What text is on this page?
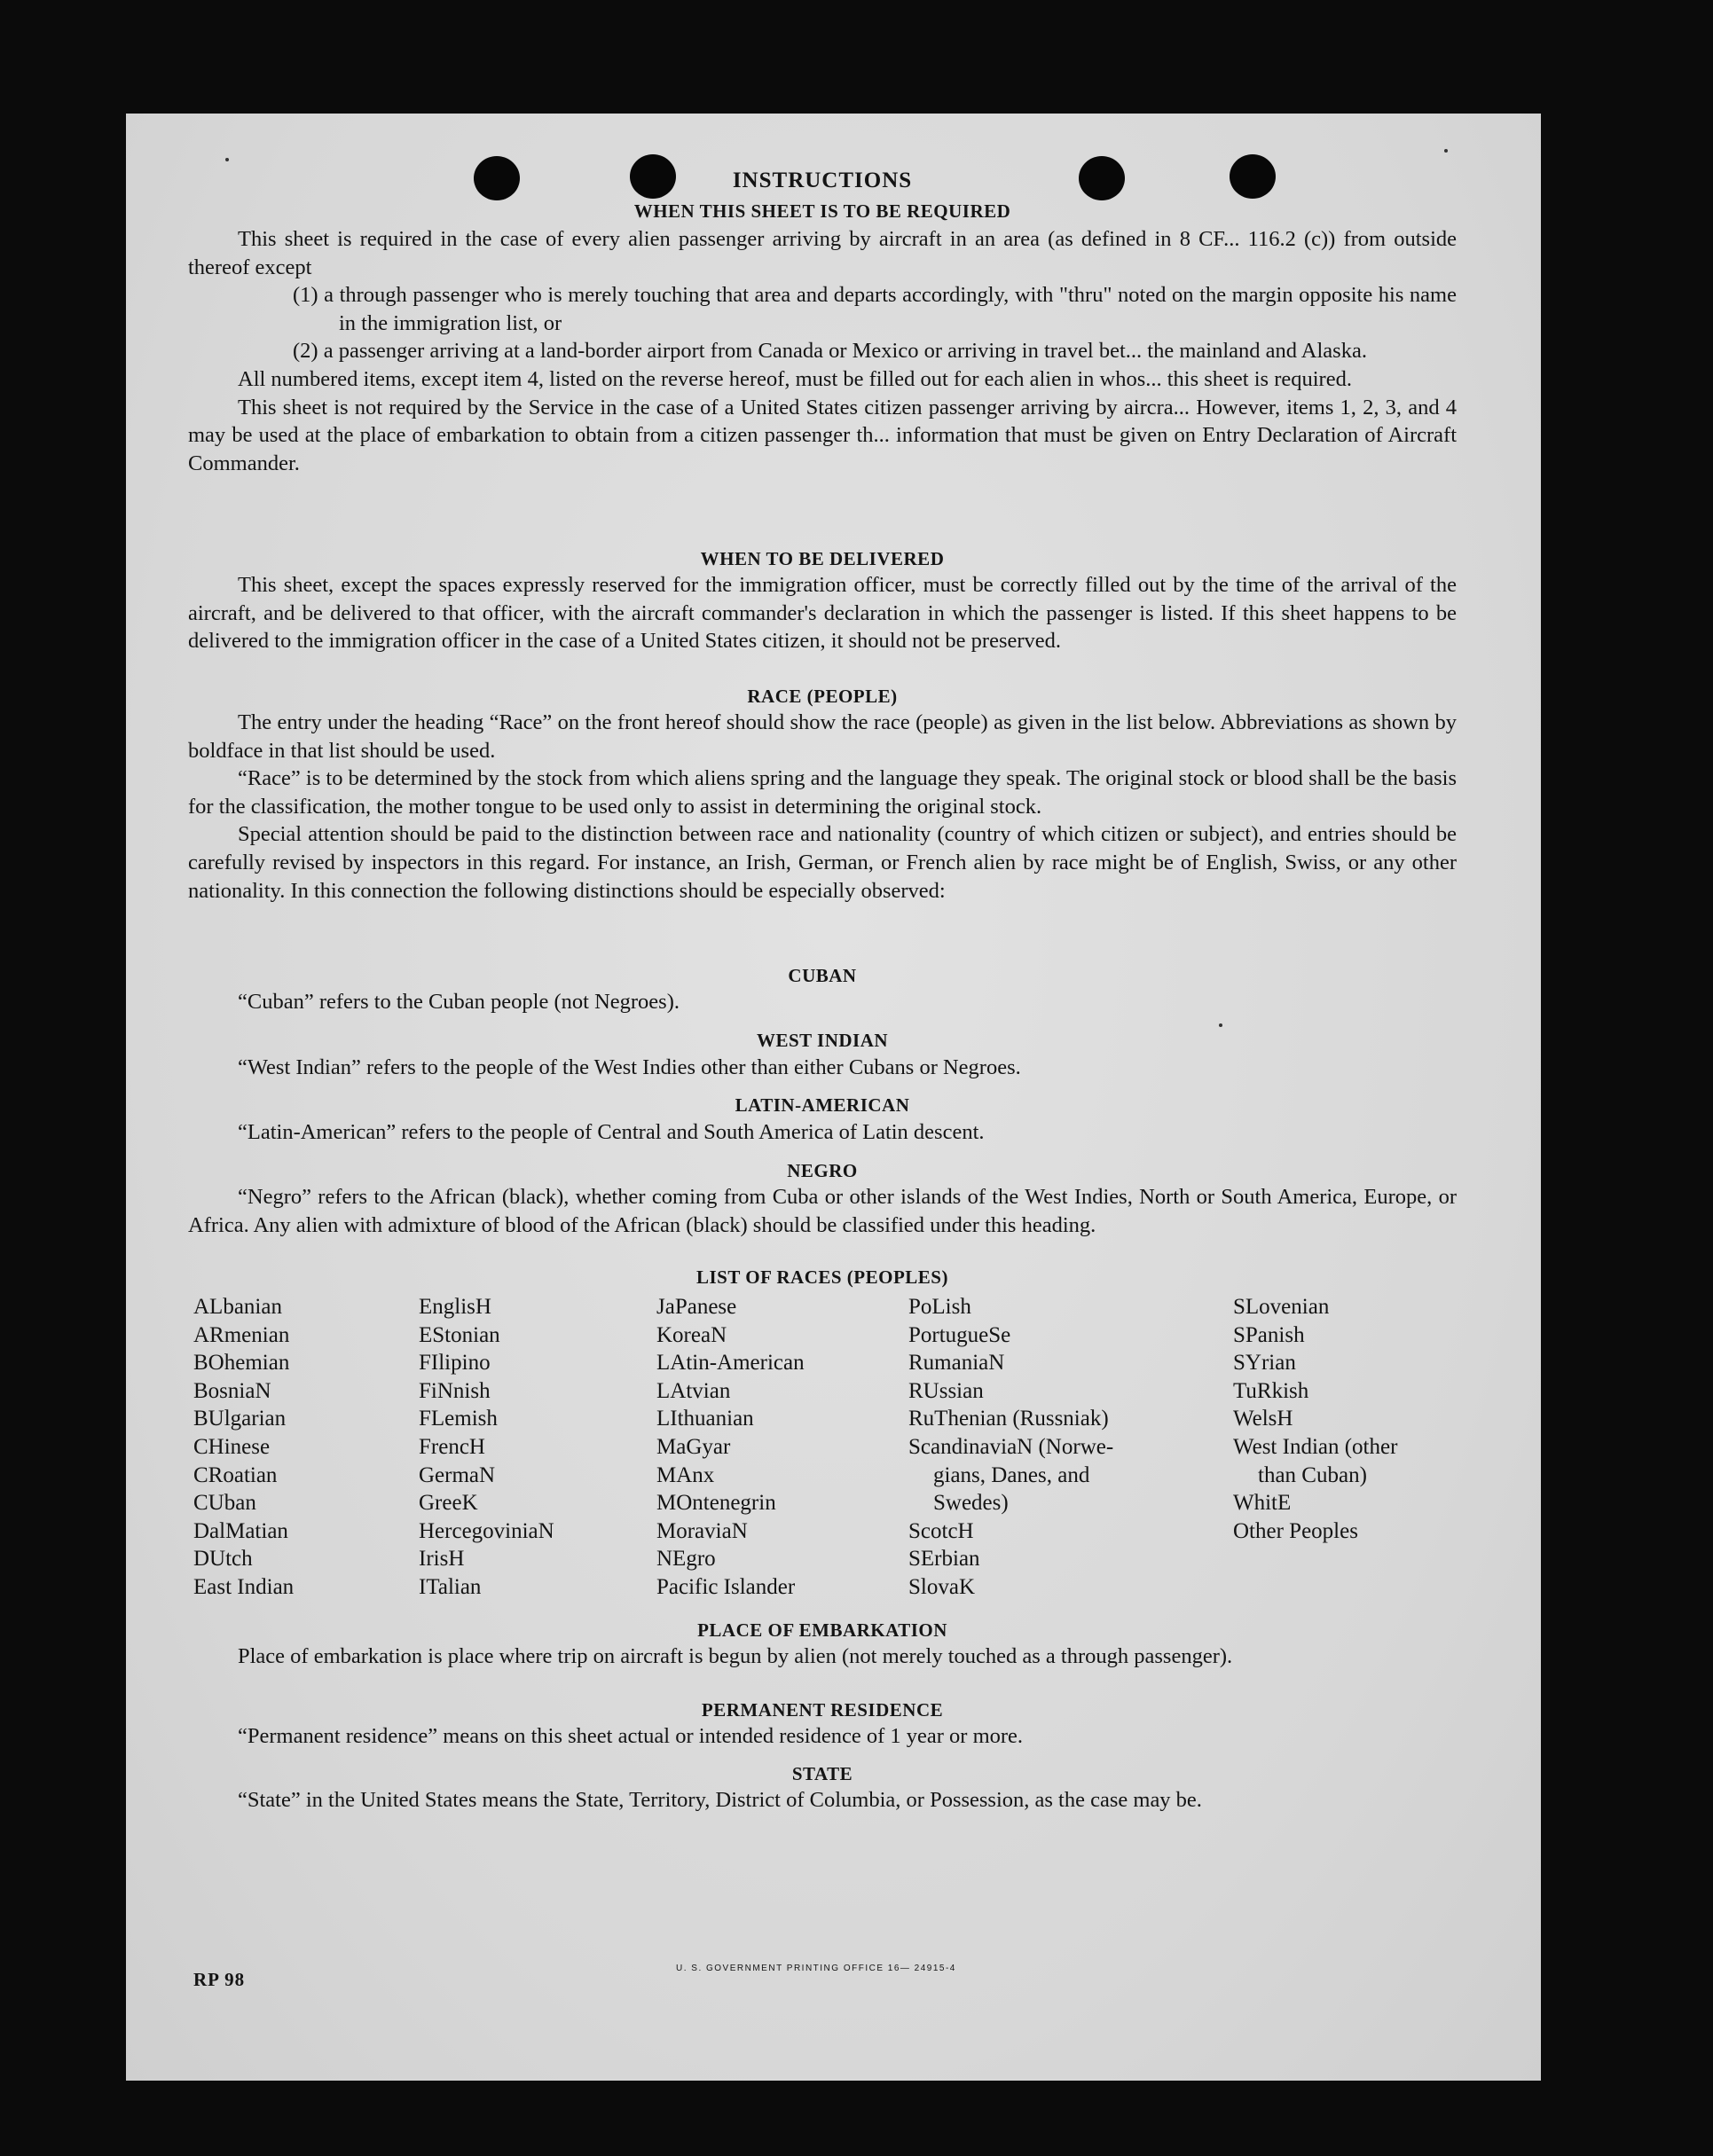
INSTRUCTIONS
WHEN THIS SHEET IS TO BE REQUIRED

This sheet is required in the case of every alien passenger arriving by aircraft in an area (as defined in 8 CF... 116.2 (c)) from outside thereof except

(1) a through passenger who is merely touching that area and departs accordingly, with "thru" noted on the margin opposite his name in the immigration list, or

(2) a passenger arriving at a land-border airport from Canada or Mexico or arriving in travel bet... the mainland and Alaska.

All numbered items, except item 4, listed on the reverse hereof, must be filled out for each alien in whos... this sheet is required.

This sheet is not required by the Service in the case of a United States citizen passenger arriving by aircra... However, items 1, 2, 3, and 4 may be used at the place of embarkation to obtain from a citizen passenger th... information that must be given on Entry Declaration of Aircraft Commander.

WHEN TO BE DELIVERED

This sheet, except the spaces expressly reserved for the immigration officer, must be correctly filled out by the time of the arrival of the aircraft, and be delivered to that officer, with the aircraft commander's declaration in which the passenger is listed. If this sheet happens to be delivered to the immigration officer in the case of a United States citizen, it should not be preserved.

RACE (PEOPLE)

The entry under the heading “Race” on the front hereof should show the race (people) as given in the list below. Abbreviations as shown by boldface in that list should be used.

“Race” is to be determined by the stock from which aliens spring and the language they speak. The original stock or blood shall be the basis for the classification, the mother tongue to be used only to assist in determining the original stock.

Special attention should be paid to the distinction between race and nationality (country of which citizen or subject), and entries should be carefully revised by inspectors in this regard. For instance, an Irish, German, or French alien by race might be of English, Swiss, or any other nationality. In this connection the following distinctions should be especially observed:

CUBAN

“Cuban” refers to the Cuban people (not Negroes).

WEST INDIAN

“West Indian” refers to the people of the West Indies other than either Cubans or Negroes.

LATIN-AMERICAN

“Latin-American” refers to the people of Central and South America of Latin descent.

NEGRO

“Negro” refers to the African (black), whether coming from Cuba or other islands of the West Indies, North or South America, Europe, or Africa. Any alien with admixture of blood of the African (black) should be classified under this heading.

LIST OF RACES (PEOPLES)
ALbanian
ARmenian
BOhemian
BosniaN
BUlgarian
CHinese
CRoatian
CUban
DalMatian
DUtch
East Indian
EnglisH
EStonian
FIlipino
FiNnish
FLemish
FrencH
GermaN
GreeK
HercegoviniaN
IrisH
ITalian
JaPanese
KoreaN
LAtin-American
LAtvian
LIthuanian
MaGyar
MAnx
MOntenegrin
MoraviaN
NEgro
Pacific Islander
PoLish
PortugueSe
RumaniaN
RUssian
RuThenian (Russniak)
ScandinaviaN (Norwe-
gians, Danes, and
Swedes)
ScotcH
SErbian
SlovaK
SLovenian
SPanish
SYrian
TuRkish
WelsH
West Indian (other
than Cuban)
WhitE
Other Peoples
PLACE OF EMBARKATION

Place of embarkation is place where trip on aircraft is begun by alien (not merely touched as a through passenger).

PERMANENT RESIDENCE

“Permanent residence” means on this sheet actual or intended residence of 1 year or more.

STATE

“State” in the United States means the State, Territory, District of Columbia, or Possession, as the case may be.

RP 98
U. S. GOVERNMENT PRINTING OFFICE 16— 24915-4
